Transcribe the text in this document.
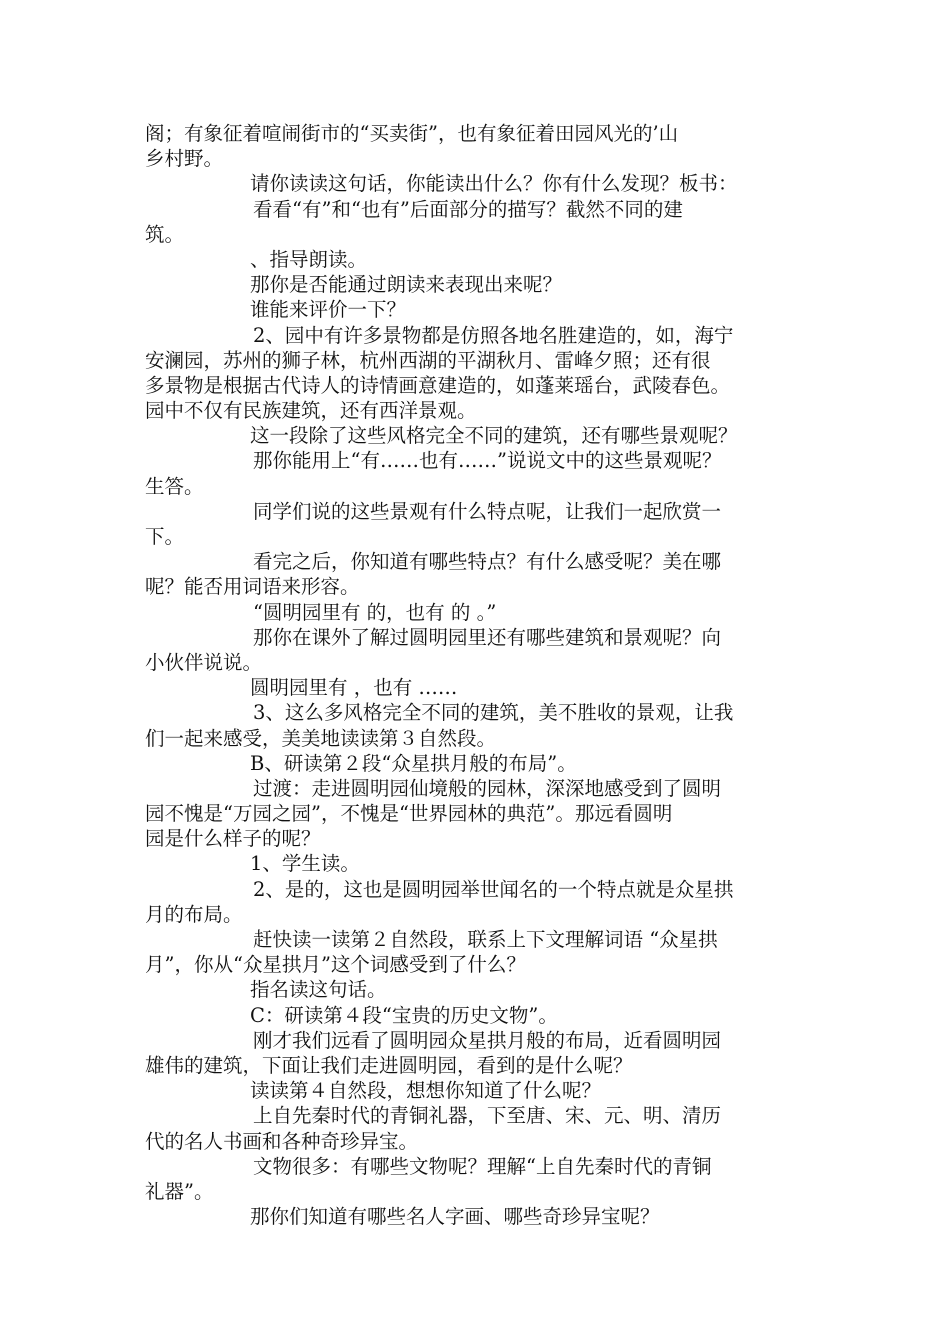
阁；有象征着喧闹街市的“买卖街”，也有象征着田园风光的’山
乡村野。
请你读读这句话，你能读出什么？你有什么发现？板书：
看看“有”和“也有”后面部分的描写？截然不同的建
筑。
、指导朗读。
那你是否能通过朗读来表现出来呢？
谁能来评价一下？
2、园中有许多景物都是仿照各地名胜建造的，如，海宁
安澜园，苏州的狮子林，杭州西湖的平湖秋月、雷峰夕照；还有很
多景物是根据古代诗人的诗情画意建造的，如蓬莱瑶台，武陵春色。
园中不仅有民族建筑，还有西洋景观。
这一段除了这些风格完全不同的建筑，还有哪些景观呢？
那你能用上“有……也有……”说说文中的这些景观呢？
生答。
同学们说的这些景观有什么特点呢，让我们一起欣赏一
下。
看完之后，你知道有哪些特点？有什么感受呢？美在哪
呢？能否用词语来形容。
“圆明园里有 的，也有 的 。”
那你在课外了解过圆明园里还有哪些建筑和景观呢？向
小伙伴说说。
圆明园里有 ，也有 ……
3、这么多风格完全不同的建筑，美不胜收的景观，让我
们一起来感受，美美地读读第３自然段。
B、研读第２段“众星拱月般的布局”。
过渡：走进圆明园仙境般的园林，深深地感受到了圆明
园不愧是“万园之园”，不愧是“世界园林的典范”。那远看圆明
园是什么样子的呢？
1、学生读。
2、是的，这也是圆明园举世闻名的一个特点就是众星拱
月的布局。
赶快读一读第２自然段，联系上下文理解词语 “众星拱
月”，你从“众星拱月”这个词感受到了什么？
指名读这句话。
C：研读第４段“宝贵的历史文物”。
刚才我们远看了圆明园众星拱月般的布局，近看圆明园
雄伟的建筑，下面让我们走进圆明园，看到的是什么呢？
读读第４自然段，想想你知道了什么呢？
上自先秦时代的青铜礼器，下至唐、宋、元、明、清历
代的名人书画和各种奇珍异宝。
文物很多：有哪些文物呢？理解“上自先秦时代的青铜
礼器”。
那你们知道有哪些名人字画、哪些奇珍异宝呢？
